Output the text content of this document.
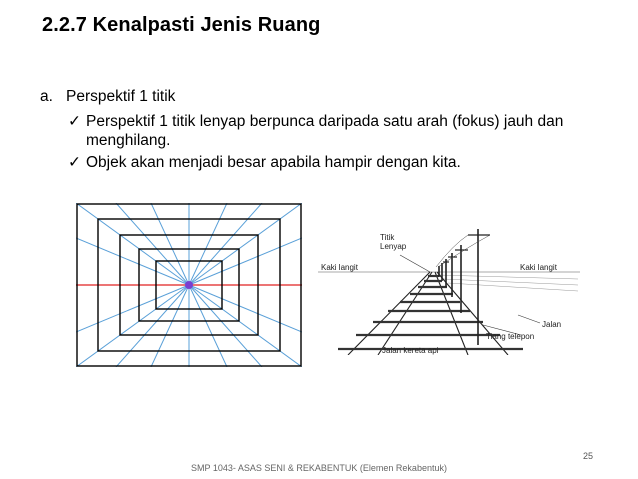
2.2.7 Kenalpasti Jenis Ruang
a. Perspektif 1 titik
✓ Perspektif 1 titik lenyap berpunca daripada satu arah (fokus) jauh dan menghilang.
✓ Objek akan menjadi besar apabila hampir dengan kita.
Titik
Lenyap
Kaki langit	Kaki langit
Jalan
Tiang telepon
Jalan kereta api
25
SMP 1043- ASAS SENI & REKABENTUK (Elemen Rekabentuk)
